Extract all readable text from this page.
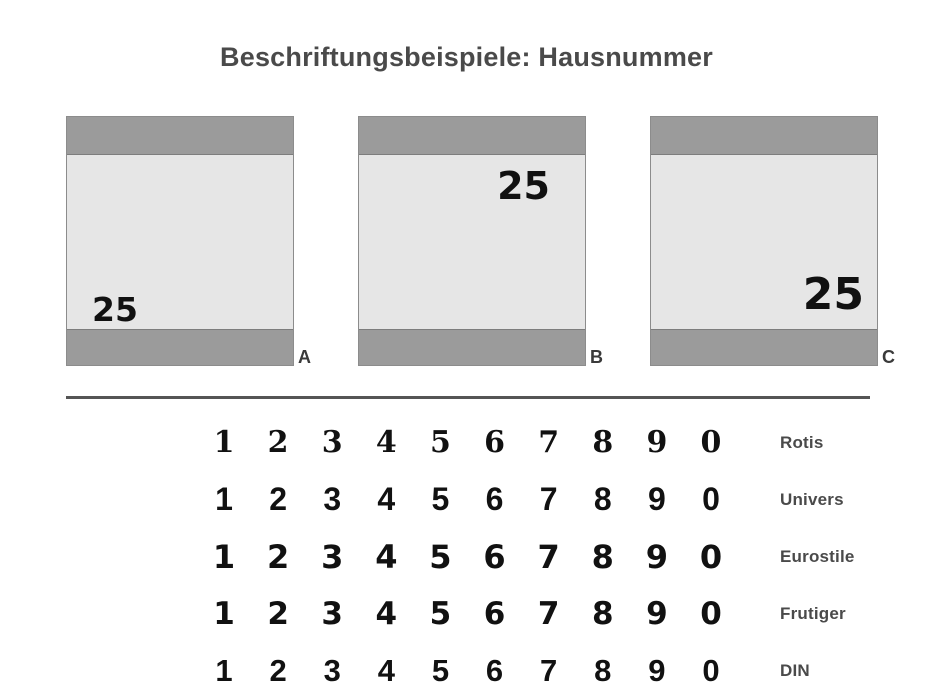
Beschriftungsbeispiele: Hausnummer
25
A
25
B
25
C
1 2 3 4 5 6 7 8 9 0	Rotis
1	2	3	4	5	6	7	8	9	0	Univers
1 2 3 4 5 6 7 8 9 0	Eurostile
1 2 3 4 5 6 7 8 9 0	Frutiger
1	2	3	4	5	6	7	8	9	0	DIN
